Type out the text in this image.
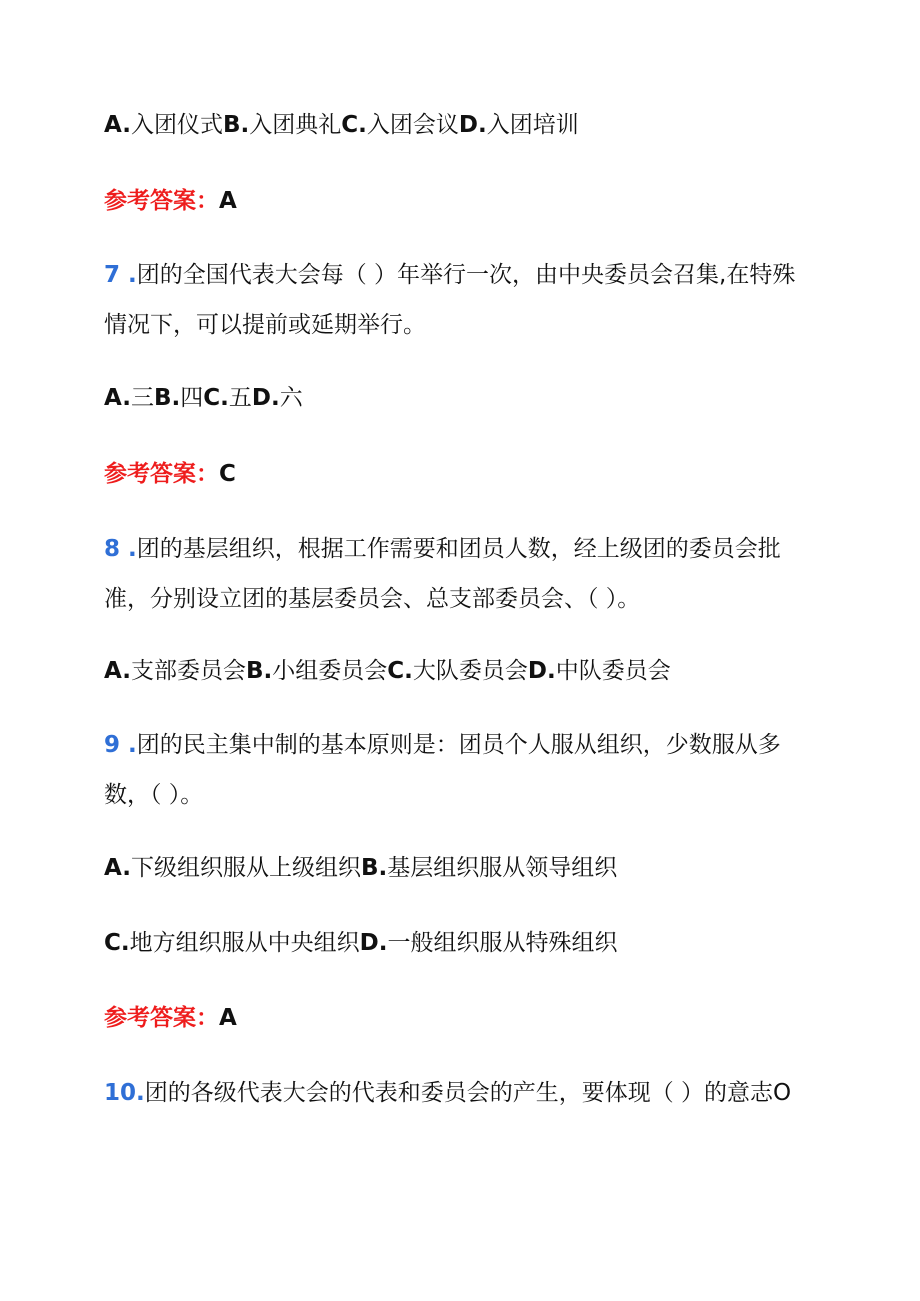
A.入团仪式B.入团典礼C.入团会议D.入团培训
参考答案：A
7 .团的全国代表大会每（ ）年举行一次，由中央委员会召集,在特殊
情况下，可以提前或延期举行。
A.三B.四C.五D.六
参考答案：C
8 .团的基层组织，根据工作需要和团员人数，经上级团的委员会批
准，分别设立团的基层委员会、总支部委员会、（ ）。
A.支部委员会B.小组委员会C.大队委员会D.中队委员会
9 .团的民主集中制的基本原则是：团员个人服从组织，少数服从多
数，（ ）。
A.下级组织服从上级组织B.基层组织服从领导组织
C.地方组织服从中央组织D.一般组织服从特殊组织
参考答案：A
10.团的各级代表大会的代表和委员会的产生，要体现（ ）的意志O
